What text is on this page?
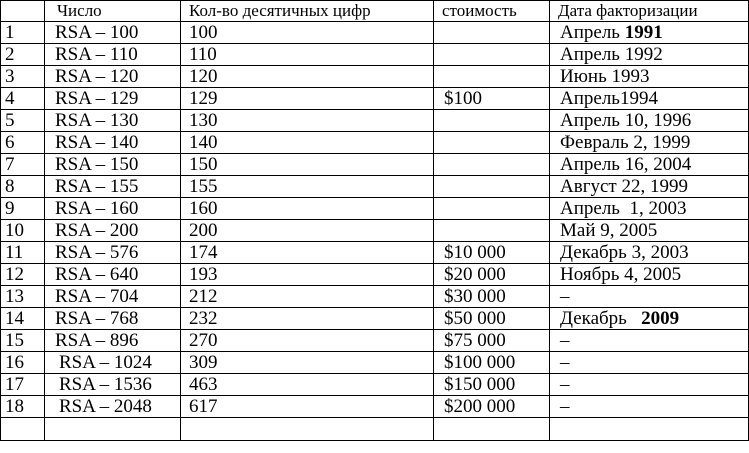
	Число	Кол-во десятичных цифр	стоимость	Дата факторизации
1	RSA – 100	100		Апрель 1991
2	RSA – 110	110		Апрель 1992
3	RSA – 120	120		Июнь 1993
4	RSA – 129	129	$100	Апрель1994
5	RSA – 130	130		Апрель 10, 1996
6	RSA – 140	140		Февраль 2, 1999
7	RSA – 150	150		Апрель 16, 2004
8	RSA – 155	155		Август 22, 1999
9	RSA – 160	160		Апрель  1, 2003
10	RSA – 200	200		Май 9, 2005
11	RSA – 576	174	$10 000	Декабрь 3, 2003
12	RSA – 640	193	$20 000	Ноябрь 4, 2005
13	RSA – 704	212	$30 000	–
14	RSA – 768	232	$50 000	Декабрь   2009
15	RSA – 896	270	$75 000	–
16	RSA – 1024	309	$100 000	–
17	RSA – 1536	463	$150 000	–
18	RSA – 2048	617	$200 000	–
